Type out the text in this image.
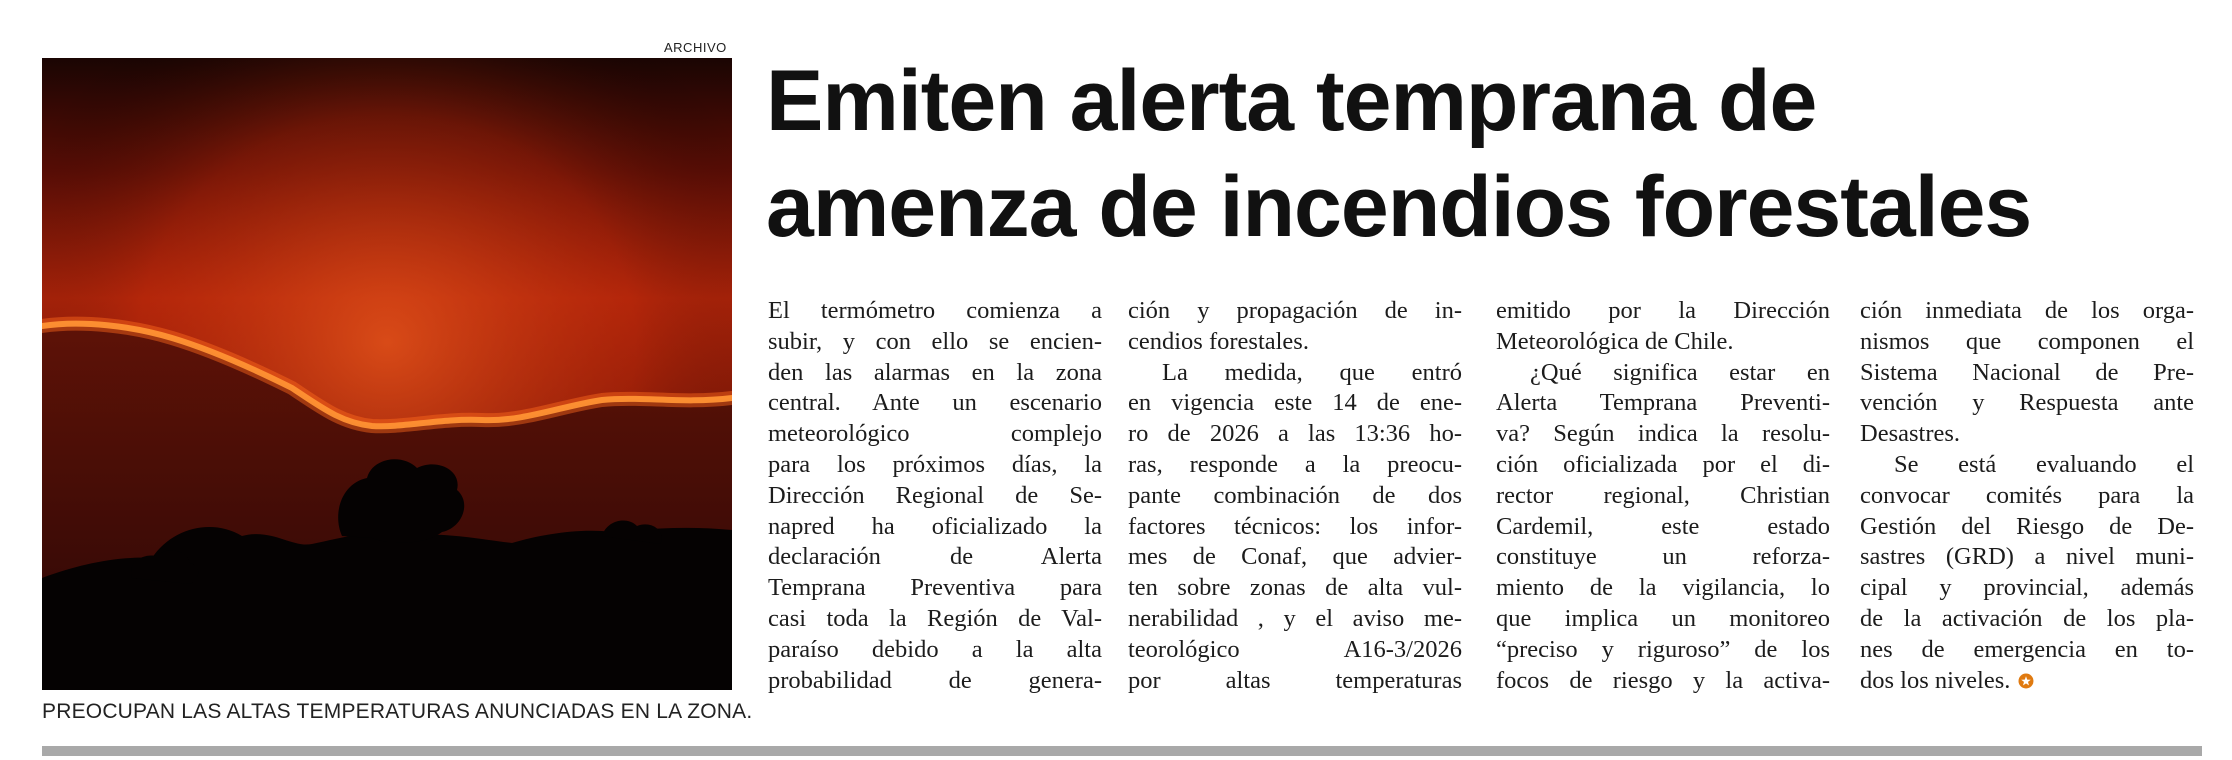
ARCHIVO
PREOCUPAN LAS ALTAS TEMPERATURAS ANUNCIADAS EN LA ZONA.
Emiten alerta temprana de
amenza de incendios forestales
El termómetro comienza a
subir, y con ello se encien-
den las alarmas en la zona
central. Ante un escenario
meteorológico complejo
para los próximos días, la
Dirección Regional de Se-
napred ha oficializado la
declaración de Alerta
Temprana Preventiva para
casi toda la Región de Val-
paraíso debido a la alta
probabilidad de genera-
ción y propagación de in-
cendios forestales.
La medida, que entró
en vigencia este 14 de ene-
ro de 2026 a las 13:36 ho-
ras, responde a la preocu-
pante combinación de dos
factores técnicos: los infor-
mes de Conaf, que advier-
ten sobre zonas de alta vul-
nerabilidad , y el aviso me-
teorológico A16-3/2026
por altas temperaturas
emitido por la Dirección
Meteorológica de Chile.
¿Qué significa estar en
Alerta Temprana Preventi-
va? Según indica la resolu-
ción oficializada por el di-
rector regional, Christian
Cardemil, este estado
constituye un reforza-
miento de la vigilancia, lo
que implica un monitoreo
“preciso y riguroso” de los
focos de riesgo y la activa-
ción inmediata de los orga-
nismos que componen el
Sistema Nacional de Pre-
vención y Respuesta ante
Desastres.
Se está evaluando el
convocar comités para la
Gestión del Riesgo de De-
sastres (GRD) a nivel muni-
cipal y provincial, además
de la activación de los pla-
nes de emergencia en to-
dos los niveles.
